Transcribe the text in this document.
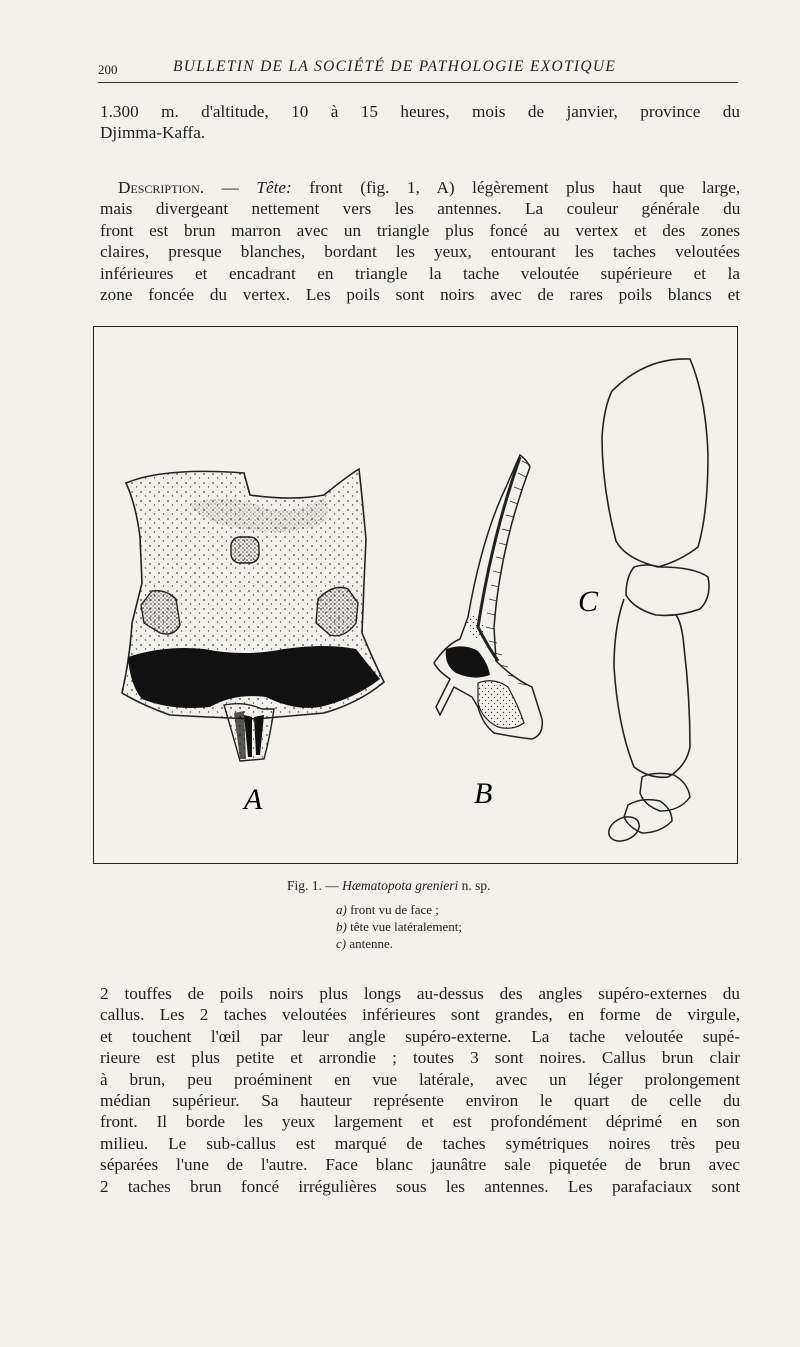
200	BULLETIN DE LA SOCIÉTÉ DE PATHOLOGIE EXOTIQUE
1.300 m. d'altitude, 10 à 15 heures, mois de janvier, province du
Djimma-Kaffa.
Description. — Tête: front (fig. 1, A) légèrement plus haut que large,
mais divergeant nettement vers les antennes. La couleur générale du
front est brun marron avec un triangle plus foncé au vertex et des zones
claires, presque blanches, bordant les yeux, entourant les taches veloutées
inférieures et encadrant en triangle la tache veloutée supérieure et la
zone foncée du vertex. Les poils sont noirs avec de rares poils blancs et
A	B
C
Fig. 1. — Hæmatopota grenieri n. sp.
a) front vu de face ;
b) tête vue latéralement;
c) antenne.
2 touffes de poils noirs plus longs au-dessus des angles supéro-externes du
callus. Les 2 taches veloutées inférieures sont grandes, en forme de virgule,
et touchent l'œil par leur angle supéro-externe. La tache veloutée supé-
rieure est plus petite et arrondie ; toutes 3 sont noires. Callus brun clair
à brun, peu proéminent en vue latérale, avec un léger prolongement
médian supérieur. Sa hauteur représente environ le quart de celle du
front. Il borde les yeux largement et est profondément déprimé en son
milieu. Le sub-callus est marqué de taches symétriques noires très peu
séparées l'une de l'autre. Face blanc jaunâtre sale piquetée de brun avec
2 taches brun foncé irrégulières sous les antennes. Les parafaciaux sont
